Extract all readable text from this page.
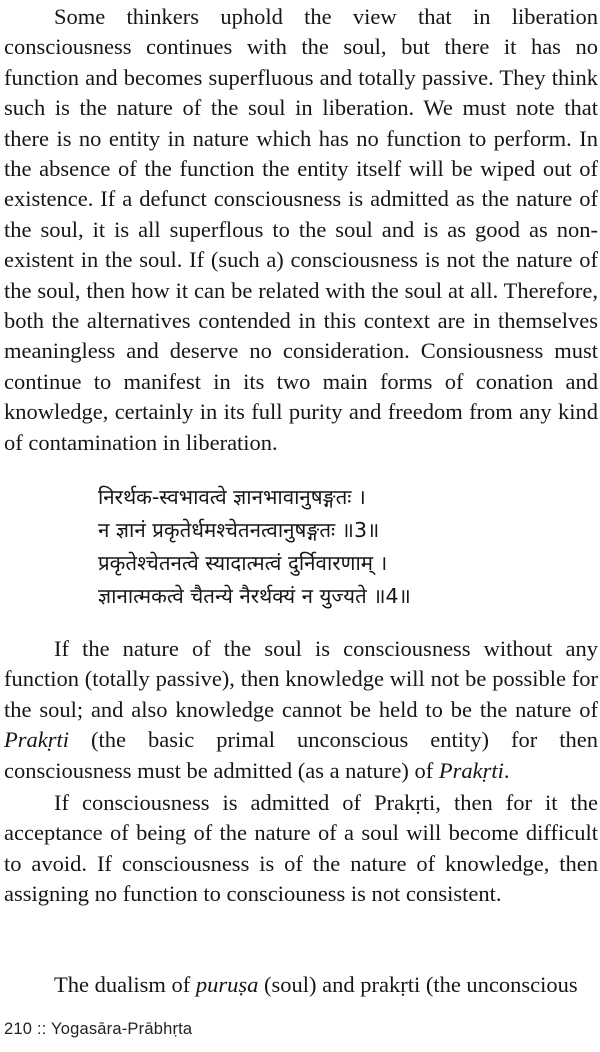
Some thinkers uphold the view that in liberation consciousness continues with the soul, but there it has no function and becomes superfluous and totally passive. They think such is the nature of the soul in liberation. We must note that there is no entity in nature which has no function to perform. In the absence of the function the entity itself will be wiped out of existence. If a defunct consciousness is admitted as the nature of the soul, it is all superflous to the soul and is as good as non-existent in the soul. If (such a) consciousness is not the nature of the soul, then how it can be related with the soul at all. Therefore, both the alternatives contended in this context are in themselves meaningless and deserve no consideration. Consiousness must continue to manifest in its two main forms of conation and knowledge, certainly in its full purity and freedom from any kind of contamination in liberation.

निरर्थक-स्वभावत्वे ज्ञानभावानुषङ्गतः ।

न ज्ञानं प्रकृतेर्धमश्चेतनत्वानुषङ्गतः ॥3॥

प्रकृतेश्चेतनत्वे स्यादात्मत्वं दुर्निवारणाम् ।

ज्ञानात्मकत्वे चैतन्ये नैरर्थक्यं न युज्यते ॥4॥

If the nature of the soul is consciousness without any function (totally passive), then knowledge will not be possible for the soul; and also knowledge cannot be held to be the nature of Prakṛti (the basic primal unconscious entity) for then consciousness must be admitted (as a nature) of Prakṛti.

If consciousness is admitted of Prakṛti, then for it the acceptance of being of the nature of a soul will become difficult to avoid. If consciousness is of the nature of knowledge, then assigning no function to consciouness is not consistent.

The dualism of puruṣa (soul) and prakṛti (the unconscious

210 :: Yogasāra-Prābhṛta
